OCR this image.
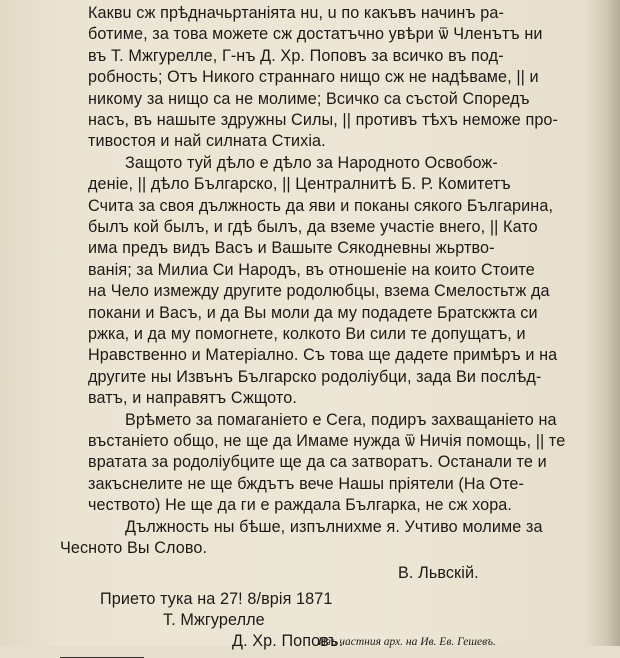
Каквu сж прѣдначьртанiята нu, u по какъвъ начинъ ра-
ботиме, за това можете сж достатъчно увѣри ѿ Членътъ ни
въ Т. Мжгурелле, Г-нъ Д. Хр. Поповъ за всичко въ под-
робность; Отъ Никого страннагo нищо сж не надѣваме, || и
никому за нищо са не молиме; Всичко са състой Споредъ
насъ, въ нашыте здружны Силы, || противъ тѣхъ неможе про-
тивостоя и най силната Стихiа.
Защото туй дѣло е дѣло за Народното Освобож-
денiе, || дѣло Българско, || Централнитѣ Б. Р. Комитетъ
Счита за своя дължность да яви и поканы сякого Българина,
былъ кой былъ, и гдѣ былъ, да вземе участiе внего, || Като
има предъ видъ Васъ и Вашыте Сякодневны жьртво-
ванiя; за Милиа Си Народъ, въ отношенiе на които Стоите
на Чело измежду другите родолюбцы, взема Смелостьтж да
покани и Васъ, и да Вы моли да му подадете Братскжта си
ржка, и да му помогнете, колкото Ви сили те допущатъ, и
Нравственно и Матерiално. Съ това ще дадете примѣръ и на
другите ны Извънъ Българско родолiубци, зада Ви послѣд-
ватъ, и направятъ Сжщото.
Врѣмето за помаганiето е Сега, подиръ захващанiето на
въстанiето общо, не ще да Имаме нужда ѿ Ничiя помощь, || те
вратата за родолiубците ще да са затворатъ. Останали те и
закъснелите не ще бждътъ вече Нашы прiятели (На Оте-
чеството) Не ще да ги е раждала Българка, не сж хора.
Дължность ны бѣше, изпълнихме я. Учтиво молиме за
Чесното Вы Слово.
В. Львскiй.
Приeто тука на 27ǃ 8/врiя 1871
Т. Мжгурелле
Изъ частния арх. на Ив. Ев. Гешевъ.
Д. Хр. Поповъ.
